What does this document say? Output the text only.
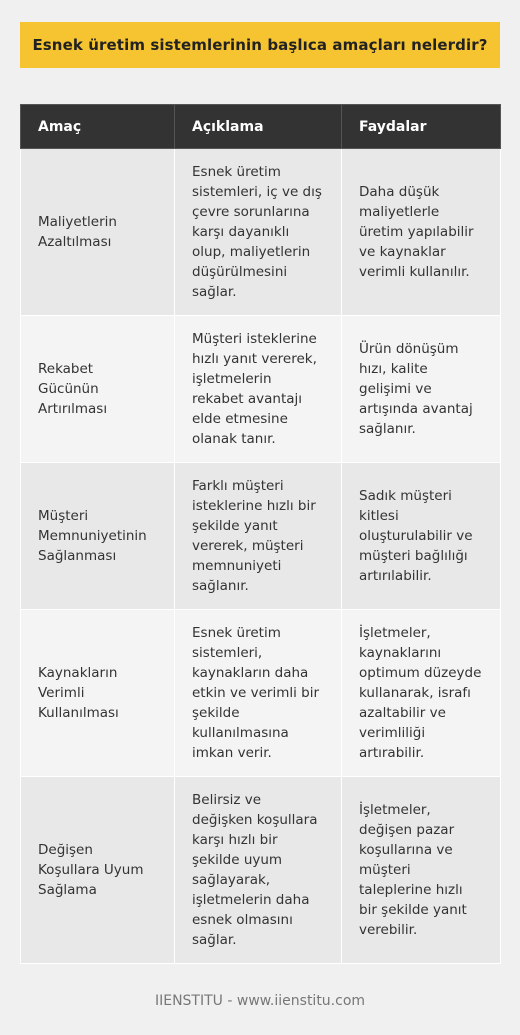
Esnek üretim sistemlerinin başlıca amaçları nelerdir?
Amaç	Açıklama	Faydalar
Maliyetlerin Azaltılması	Esnek üretim sistemleri, iç ve dış çevre sorunlarına karşı dayanıklı olup, maliyetlerin düşürülmesini sağlar.	Daha düşük maliyetlerle üretim yapılabilir ve kaynaklar verimli kullanılır.
Rekabet Gücünün Artırılması	Müşteri isteklerine hızlı yanıt vererek, işletmelerin rekabet avantajı elde etmesine olanak tanır.	Ürün dönüşüm hızı, kalite gelişimi ve artışında avantaj sağlanır.
Müşteri Memnuniyetinin Sağlanması	Farklı müşteri isteklerine hızlı bir şekilde yanıt vererek, müşteri memnuniyeti sağlanır.	Sadık müşteri kitlesi oluşturulabilir ve müşteri bağlılığı artırılabilir.
Kaynakların Verimli Kullanılması	Esnek üretim sistemleri, kaynakların daha etkin ve verimli bir şekilde kullanılmasına imkan verir.	İşletmeler, kaynaklarını optimum düzeyde kullanarak, israfı azaltabilir ve verimliliği artırabilir.
Değişen Koşullara Uyum Sağlama	Belirsiz ve değişken koşullara karşı hızlı bir şekilde uyum sağlayarak, işletmelerin daha esnek olmasını sağlar.	İşletmeler, değişen pazar koşullarına ve müşteri taleplerine hızlı bir şekilde yanıt verebilir.
IIENSTITU - www.iienstitu.com
